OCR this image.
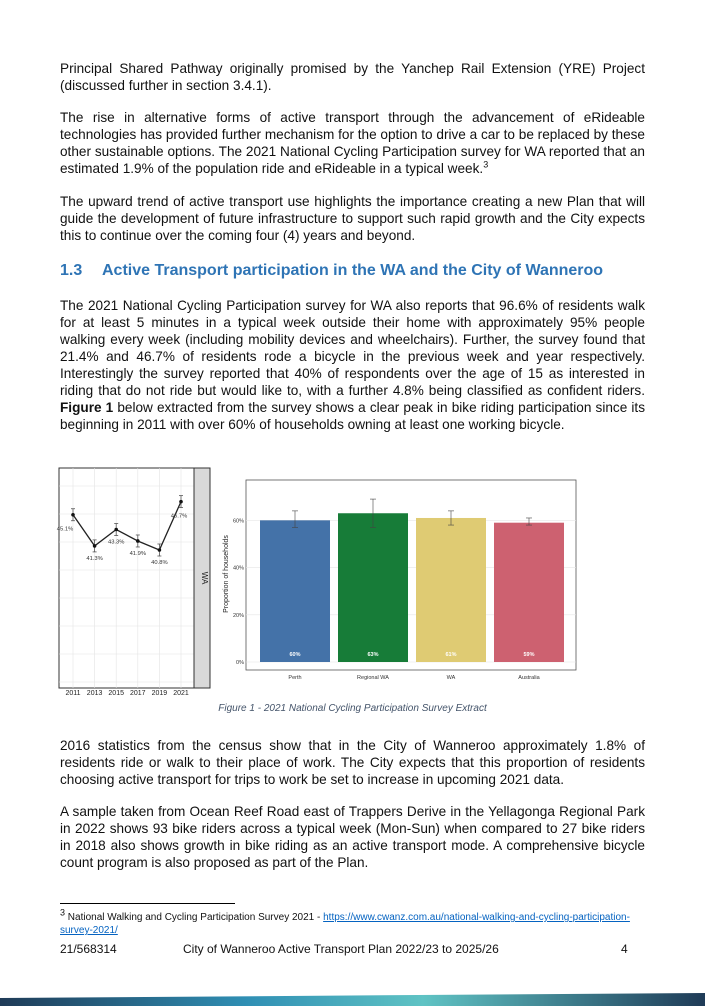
Principal Shared Pathway originally promised by the Yanchep Rail Extension (YRE) Project (discussed further in section 3.4.1).

The rise in alternative forms of active transport through the advancement of eRideable technologies has provided further mechanism for the option to drive a car to be replaced by these other sustainable options. The 2021 National Cycling Participation survey for WA reported that an estimated 1.9% of the population ride and eRideable in a typical week.$^3$

The upward trend of active transport use highlights the importance creating a new Plan that will guide the development of future infrastructure to support such rapid growth and the City expects this to continue over the coming four (4) years and beyond.

1.3 Active Transport participation in the WA and the City of Wanneroo

The 2021 National Cycling Participation survey for WA also reports that 96.6% of residents walk for at least 5 minutes in a typical week outside their home with approximately 95% people walking every week (including mobility devices and wheelchairs). Further, the survey found that 21.4% and 46.7% of residents rode a bicycle in the previous week and year respectively. Interestingly the survey reported that 40% of respondents over the age of 15 as interested in riding that do not ride but would like to, with a further 4.8% being classified as confident riders. Figure 1 below extracted from the survey shows a clear peak in bike riding participation since its beginning in 2011 with over 60% of households owning at least one working bicycle.

45.1%
41.3%
43.3%
41.9%
40.8%
46.7%
WA
2011 2013 2015 2017 2019 2021
0%
20%
40%
60%
60%
Perth
63%
Regional WA
61%
WA
59%
Australia
Proportion of households
Figure 1 - 2021 National Cycling Participation Survey Extract

2016 statistics from the census show that in the City of Wanneroo approximately 1.8% of residents ride or walk to their place of work. The City expects that this proportion of residents choosing active transport for trips to work be set to increase in upcoming 2021 data.

A sample taken from Ocean Reef Road east of Trappers Derive in the Yellagonga Regional Park in 2022 shows 93 bike riders across a typical week (Mon-Sun) when compared to 27 bike riders in 2018 also shows growth in bike riding as an active transport mode. A comprehensive bicycle count program is also proposed as part of the Plan.

$^3$ National Walking and Cycling Participation Survey 2021 - https://www.cwanz.com.au/national-walking-and-cycling-participation-survey-2021/
21/568314	City of Wanneroo Active Transport Plan 2022/23 to 2025/26	4
